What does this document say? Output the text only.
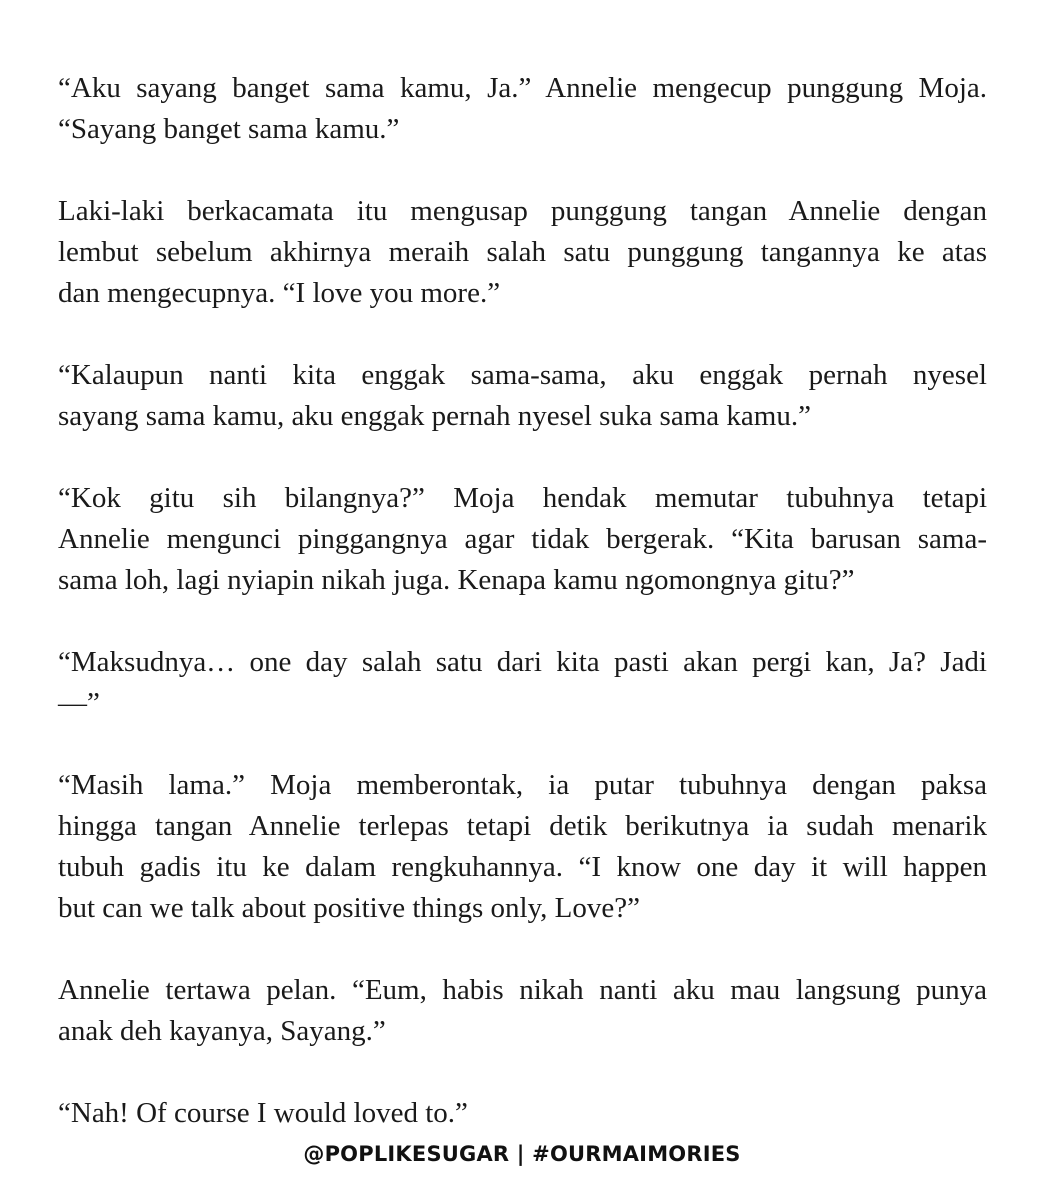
“Aku sayang banget sama kamu, Ja.” Annelie mengecup punggung Moja.
“Sayang banget sama kamu.”

Laki-laki berkacamata itu mengusap punggung tangan Annelie dengan
lembut sebelum akhirnya meraih salah satu punggung tangannya ke atas
dan mengecupnya. “I love you more.”

“Kalaupun nanti kita enggak sama-sama, aku enggak pernah nyesel
sayang sama kamu, aku enggak pernah nyesel suka sama kamu.”

“Kok gitu sih bilangnya?” Moja hendak memutar tubuhnya tetapi
Annelie mengunci pinggangnya agar tidak bergerak. “Kita barusan sama-
sama loh, lagi nyiapin nikah juga. Kenapa kamu ngomongnya gitu?”

“Maksudnya… one day salah satu dari kita pasti akan pergi kan, Ja? Jadi
—”

“Masih lama.” Moja memberontak, ia putar tubuhnya dengan paksa
hingga tangan Annelie terlepas tetapi detik berikutnya ia sudah menarik
tubuh gadis itu ke dalam rengkuhannya. “I know one day it will happen
but can we talk about positive things only, Love?”

Annelie tertawa pelan. “Eum, habis nikah nanti aku mau langsung punya
anak deh kayanya, Sayang.”

“Nah! Of course I would loved to.”

@POPLIKESUGAR | #OURMAIMORIES
